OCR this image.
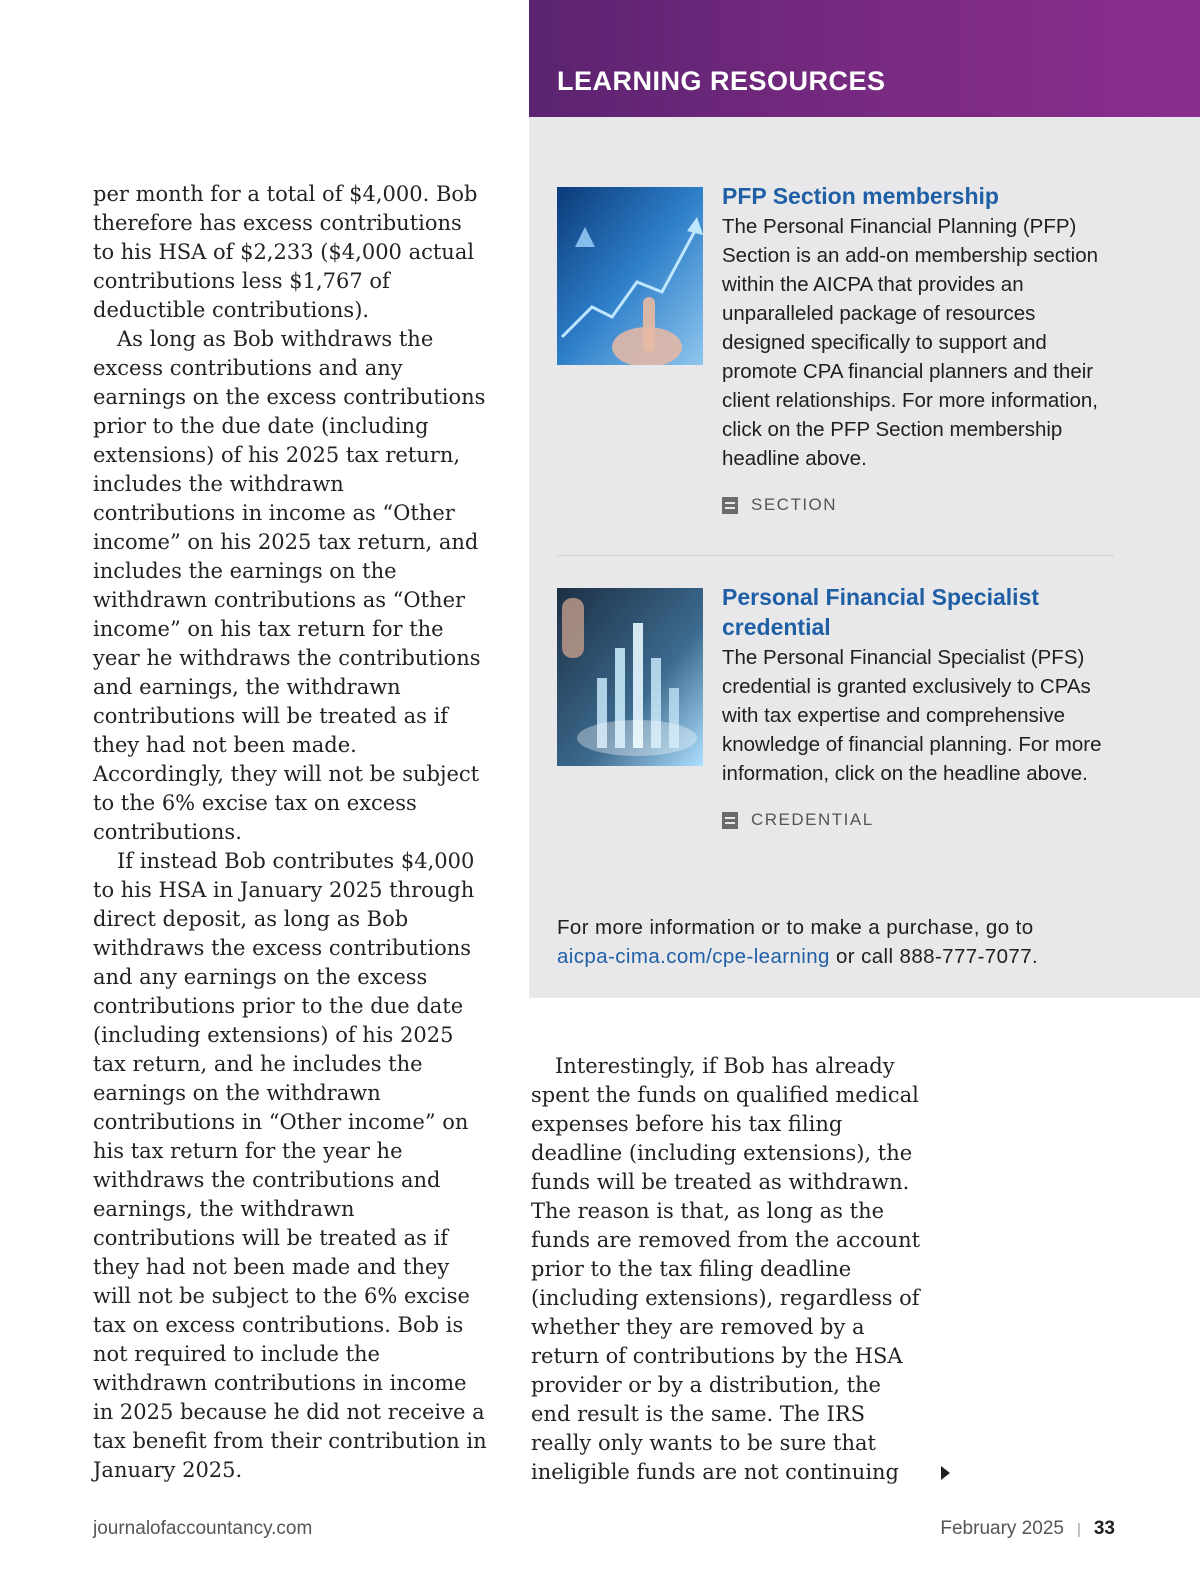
per month for a total of $4,000. Bob therefore has excess contributions to his HSA of $2,233 ($4,000 actual contributions less $1,767 of deductible contributions).

As long as Bob withdraws the excess contributions and any earnings on the excess contributions prior to the due date (including extensions) of his 2025 tax return, includes the withdrawn contributions in income as “Other income” on his 2025 tax return, and includes the earnings on the withdrawn contributions as “Other income” on his tax return for the year he withdraws the contributions and earnings, the withdrawn contributions will be treated as if they had not been made. Accordingly, they will not be subject to the 6% excise tax on excess contributions.

If instead Bob contributes $4,000 to his HSA in January 2025 through direct deposit, as long as Bob withdraws the excess contributions and any earnings on the excess contributions prior to the due date (including extensions) of his 2025 tax return, and he includes the earnings on the withdrawn contributions in “Other income” on his tax return for the year he withdraws the contributions and earnings, the withdrawn contributions will be treated as if they had not been made and they will not be subject to the 6% excise tax on excess contributions. Bob is not required to include the withdrawn contributions in income in 2025 because he did not receive a tax benefit from their contribution in January 2025.

LEARNING RESOURCES
PFP Section membership
The Personal Financial Planning (PFP) Section is an add-on membership section within the AICPA that provides an unparalleled package of resources designed specifically to support and promote CPA financial planners and their client relationships. For more information, click on the PFP Section membership headline above.
SECTION
Personal Financial Specialist credential
The Personal Financial Specialist (PFS) credential is granted exclusively to CPAs with tax expertise and comprehensive knowledge of financial planning. For more information, click on the headline above.
CREDENTIAL
For more information or to make a purchase, go to
aicpa-cima.com/cpe-learning or call 888-777-7077.

Interestingly, if Bob has already spent the funds on qualified medical expenses before his tax filing deadline (including extensions), the funds will be treated as withdrawn. The reason is that, as long as the funds are removed from the account prior to the tax filing deadline (including extensions), regardless of whether they are removed by a return of contributions by the HSA provider or by a distribution, the end result is the same. The IRS really only wants to be sure that ineligible funds are not continuing

journalofaccountancy.com	February 2025 | 33
